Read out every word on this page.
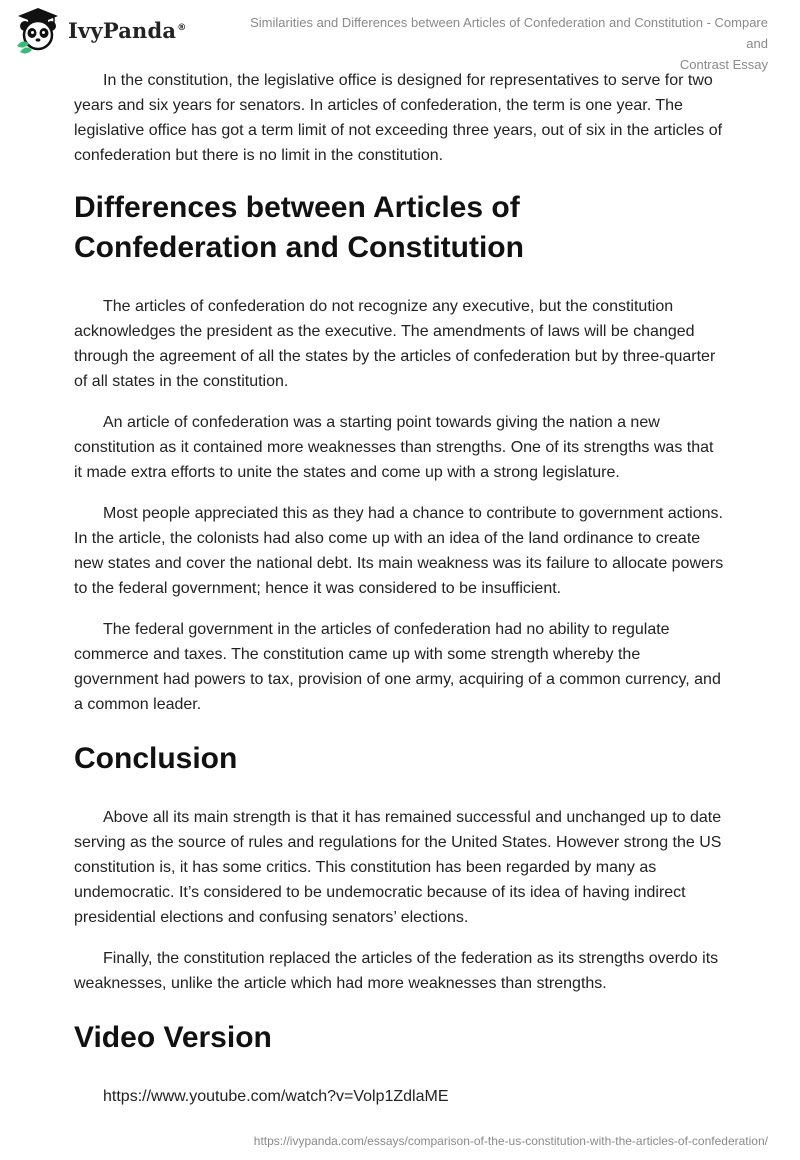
IvyPanda®	Similarities and Differences between Articles of Confederation and Constitution - Compare and
Contrast Essay

In the constitution, the legislative office is designed for representatives to serve for two years and six years for senators. In articles of confederation, the term is one year. The legislative office has got a term limit of not exceeding three years, out of six in the articles of confederation but there is no limit in the constitution.

Differences between Articles of Confederation and Constitution

The articles of confederation do not recognize any executive, but the constitution acknowledges the president as the executive. The amendments of laws will be changed through the agreement of all the states by the articles of confederation but by three-quarter of all states in the constitution.

An article of confederation was a starting point towards giving the nation a new constitution as it contained more weaknesses than strengths. One of its strengths was that it made extra efforts to unite the states and come up with a strong legislature.

Most people appreciated this as they had a chance to contribute to government actions. In the article, the colonists had also come up with an idea of the land ordinance to create new states and cover the national debt. Its main weakness was its failure to allocate powers to the federal government; hence it was considered to be insufficient.

The federal government in the articles of confederation had no ability to regulate commerce and taxes. The constitution came up with some strength whereby the government had powers to tax, provision of one army, acquiring of a common currency, and a common leader.

Conclusion

Above all its main strength is that it has remained successful and unchanged up to date serving as the source of rules and regulations for the United States. However strong the US constitution is, it has some critics. This constitution has been regarded by many as undemocratic. It’s considered to be undemocratic because of its idea of having indirect presidential elections and confusing senators’ elections.

Finally, the constitution replaced the articles of the federation as its strengths overdo its weaknesses, unlike the article which had more weaknesses than strengths.

Video Version
https://www.youtube.com/watch?v=Volp1ZdlaME
https://ivypanda.com/essays/comparison-of-the-us-constitution-with-the-articles-of-confederation/
